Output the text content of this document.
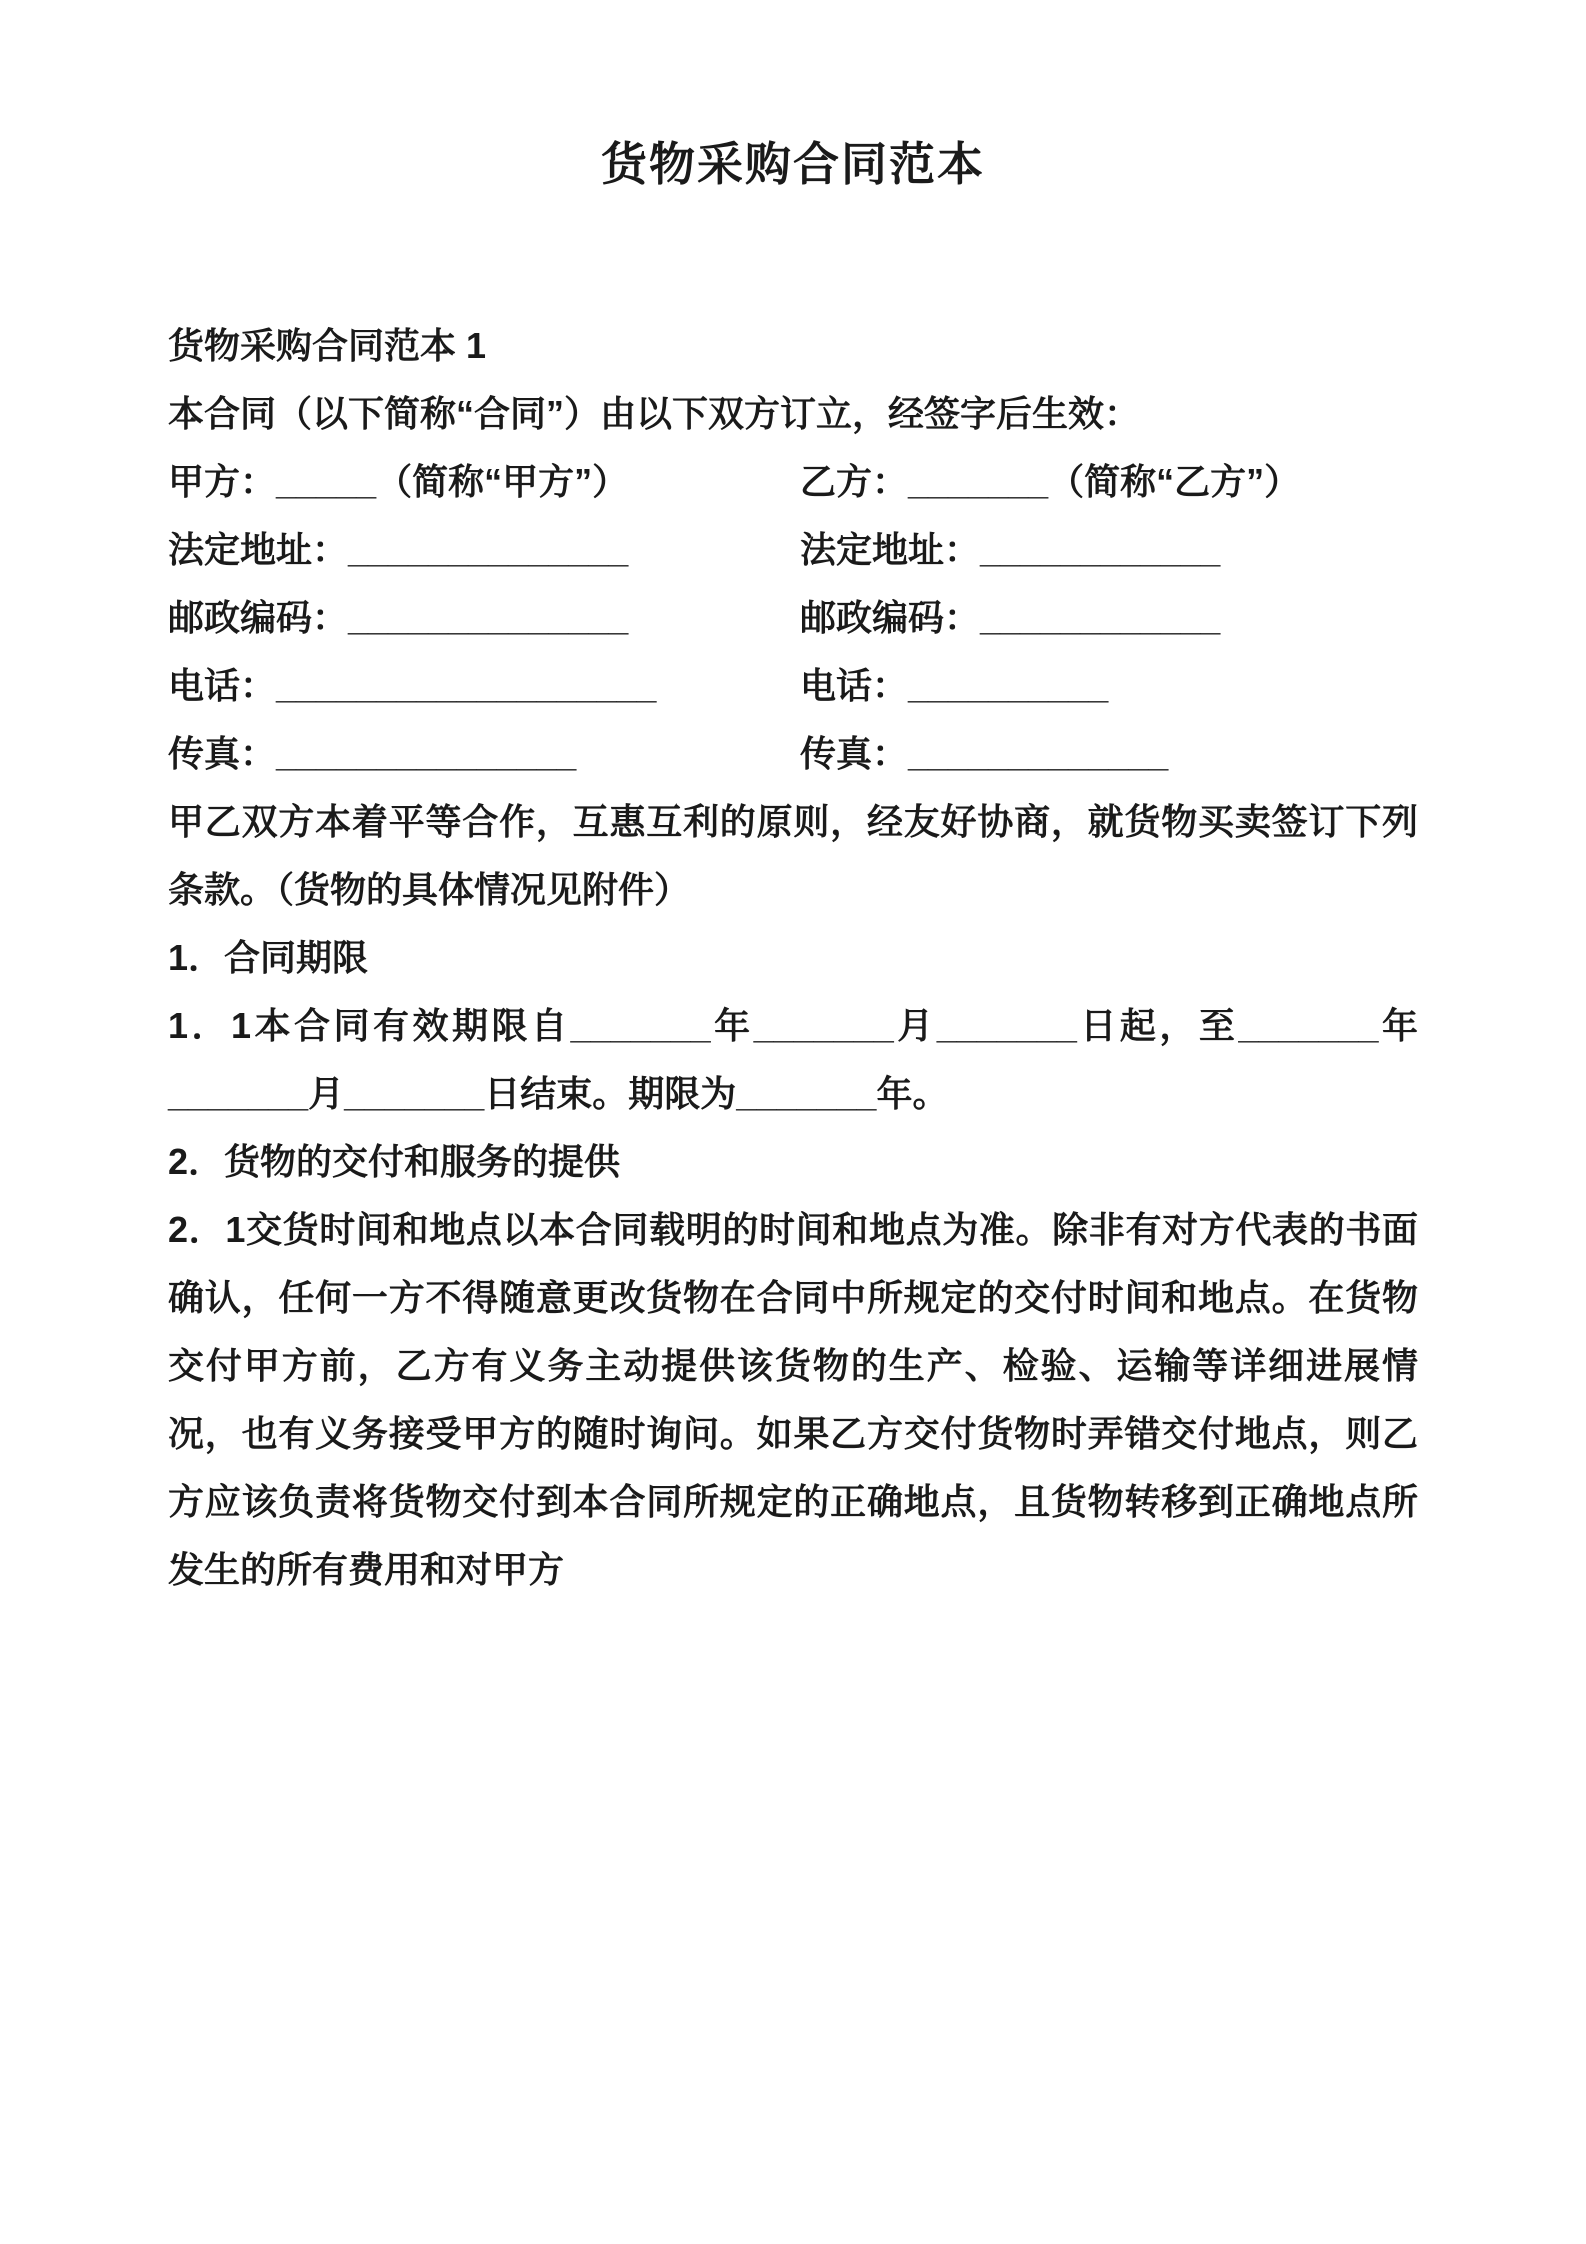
货物采购合同范本

货物采购合同范本 1

本合同（以下简称“合同”）由以下双方订立，经签字后生效：

甲方：_____（简称“甲方”）	乙方：_______（简称“乙方”）
法定地址：______________	法定地址：____________
邮政编码：______________	邮政编码：____________
电话：___________________	电话：__________
传真：_______________	传真：_____________

甲乙双方本着平等合作，互惠互利的原则，经友好协商，就货物买卖签订下列条款。（货物的具体情况见附件）

1．合同期限

1．1本合同有效期限自_______年_______月_______日起，至_______年_______月_______日结束。期限为_______年。

2．货物的交付和服务的提供

2．1交货时间和地点以本合同载明的时间和地点为准。除非有对方代表的书面确认，任何一方不得随意更改货物在合同中所规定的交付时间和地点。在货物交付甲方前，乙方有义务主动提供该货物的生产、检验、运输等详细进展情况，也有义务接受甲方的随时询问。如果乙方交付货物时弄错交付地点，则乙方应该负责将货物交付到本合同所规定的正确地点，且货物转移到正确地点所发生的所有费用和对甲方
